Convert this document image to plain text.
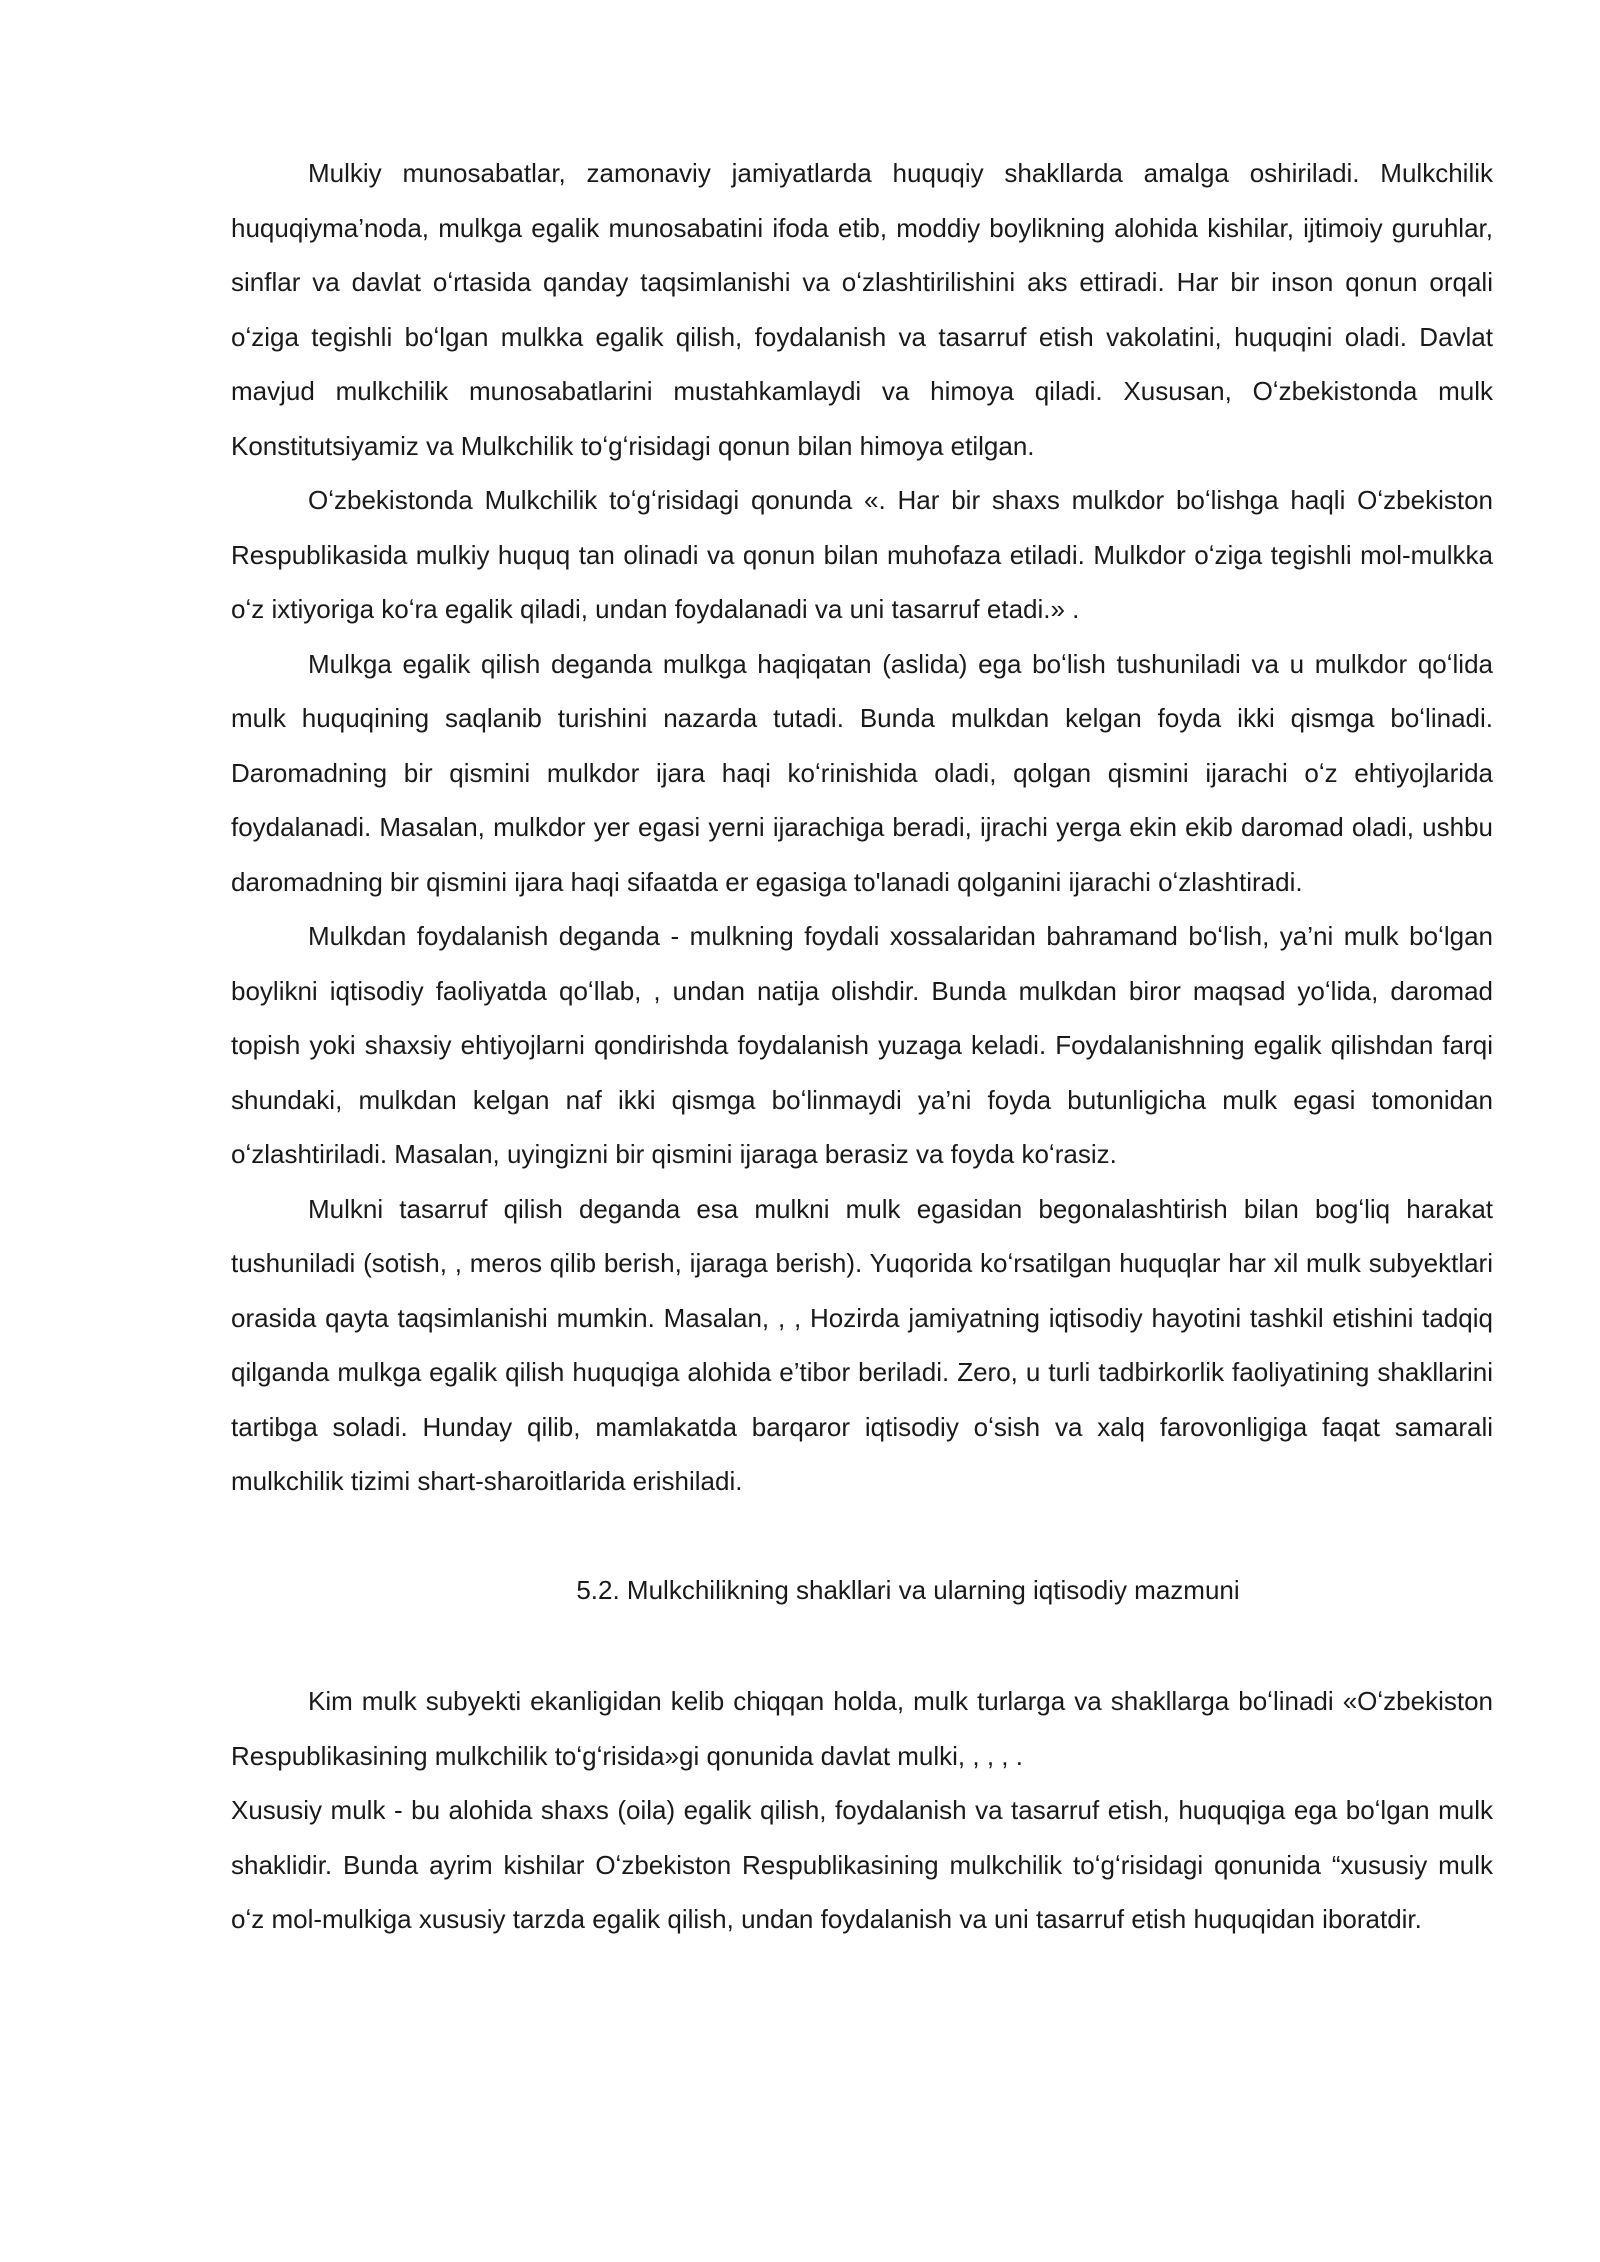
Mulkiy munosabatlar, zamonaviy jamiyatlarda huquqiy shakllarda amalga oshiriladi. Mulkchilik huquqiyma’noda, mulkga egalik munosabatini ifoda etib, moddiy boylikning alohida kishilar, ijtimoiy guruhlar, sinflar va davlat oʻrtasida qanday taqsimlanishi va oʻzlashtirilishini aks ettiradi. Har bir inson qonun orqali oʻziga tegishli boʻlgan mulkka egalik qilish, foydalanish va tasarruf etish vakolatini, huquqini oladi. Davlat mavjud mulkchilik munosabatlarini mustahkamlaydi va himoya qiladi. Xususan, Oʻzbekistonda mulk Konstitutsiyamiz va Mulkchilik toʻgʻrisidagi qonun bilan himoya etilgan.

Oʻzbekistonda Mulkchilik toʻgʻrisidagi qonunda «. Har bir shaxs mulkdor boʻlishga haqli Oʻzbekiston Respublikasida mulkiy huquq tan olinadi va qonun bilan muhofaza etiladi. Mulkdor oʻziga tegishli mol-mulkka oʻz ixtiyoriga koʻra egalik qiladi, undan foydalanadi va uni tasarruf etadi.» .

Mulkga egalik qilish deganda mulkga haqiqatan (aslida) ega boʻlish tushuniladi va u mulkdor qoʻlida mulk huquqining saqlanib turishini nazarda tutadi. Bunda mulkdan kelgan foyda ikki qismga boʻlinadi. Daromadning bir qismini mulkdor ijara haqi koʻrinishida oladi, qolgan qismini ijarachi oʻz ehtiyojlarida foydalanadi. Masalan, mulkdor yer egasi yerni ijarachiga beradi, ijrachi yerga ekin ekib daromad oladi, ushbu daromadning bir qismini ijara haqi sifaatda er egasiga to'lanadi qolganini ijarachi oʻzlashtiradi.

Mulkdan foydalanish deganda - mulkning foydali xossalaridan bahramand boʻlish, ya’ni mulk boʻlgan boylikni iqtisodiy faoliyatda qoʻllab, , undan natija olishdir. Bunda mulkdan biror maqsad yoʻlida, daromad topish yoki shaxsiy ehtiyojlarni qondirishda foydalanish yuzaga keladi. Foydalanishning egalik qilishdan farqi shundaki, mulkdan kelgan naf ikki qismga boʻlinmaydi ya’ni foyda butunligicha mulk egasi tomonidan oʻzlashtiriladi. Masalan, uyingizni bir qismini ijaraga berasiz va foyda koʻrasiz.

Mulkni tasarruf qilish deganda esa mulkni mulk egasidan begonalashtirish bilan bogʻliq harakat tushuniladi (sotish, , meros qilib berish, ijaraga berish). Yuqorida koʻrsatilgan huquqlar har xil mulk subyektlari orasida qayta taqsimlanishi mumkin. Masalan, , , Hozirda jamiyatning iqtisodiy hayotini tashkil etishini tadqiq qilganda mulkga egalik qilish huquqiga alohida e’tibor beriladi. Zero, u turli tadbirkorlik faoliyatining shakllarini tartibga soladi. Hunday qilib, mamlakatda barqaror iqtisodiy oʻsish va xalq farovonligiga faqat samarali mulkchilik tizimi shart-sharoitlarida erishiladi.

5.2. Mulkchilikning shakllari va ularning iqtisodiy mazmuni

Kim mulk subyekti ekanligidan kelib chiqqan holda, mulk turlarga va shakllarga boʻlinadi «Oʻzbekiston Respublikasining mulkchilik toʻgʻrisida»gi qonunida davlat mulki, , , , .

Xususiy mulk - bu alohida shaxs (oila) egalik qilish, foydalanish va tasarruf etish, huquqiga ega boʻlgan mulk shaklidir. Bunda ayrim kishilar Oʻzbekiston Respublikasining mulkchilik toʻgʻrisidagi qonunida “xususiy mulk oʻz mol-mulkiga xususiy tarzda egalik qilish, undan foydalanish va uni tasarruf etish huquqidan iboratdir.
